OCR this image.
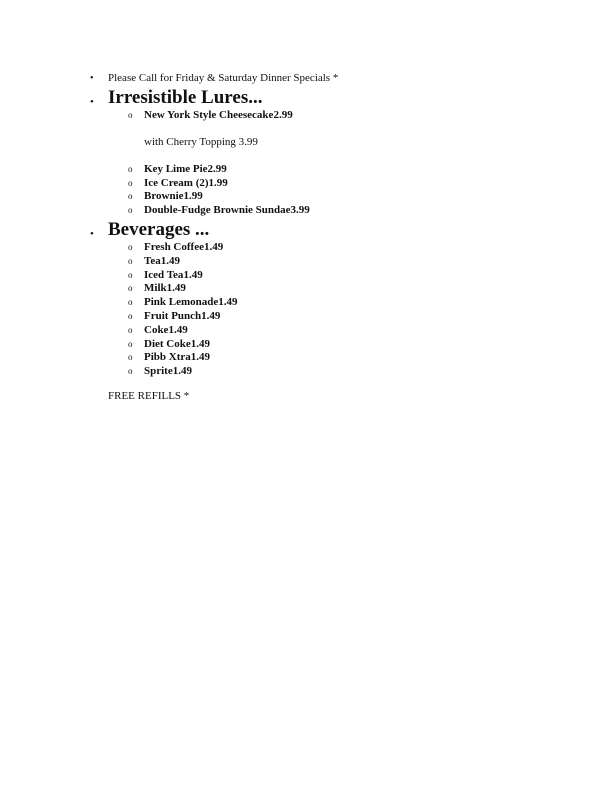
• Please Call for Friday & Saturday Dinner Specials *
• Irresistible Lures...
o New York Style Cheesecake2.99
with Cherry Topping 3.99
o Key Lime Pie2.99
o Ice Cream (2)1.99
o Brownie1.99
o Double-Fudge Brownie Sundae3.99
• Beverages ...
o Fresh Coffee1.49
o Tea1.49
o Iced Tea1.49
o Milk1.49
o Pink Lemonade1.49
o Fruit Punch1.49
o Coke1.49
o Diet Coke1.49
o Pibb Xtra1.49
o Sprite1.49
FREE REFILLS *
